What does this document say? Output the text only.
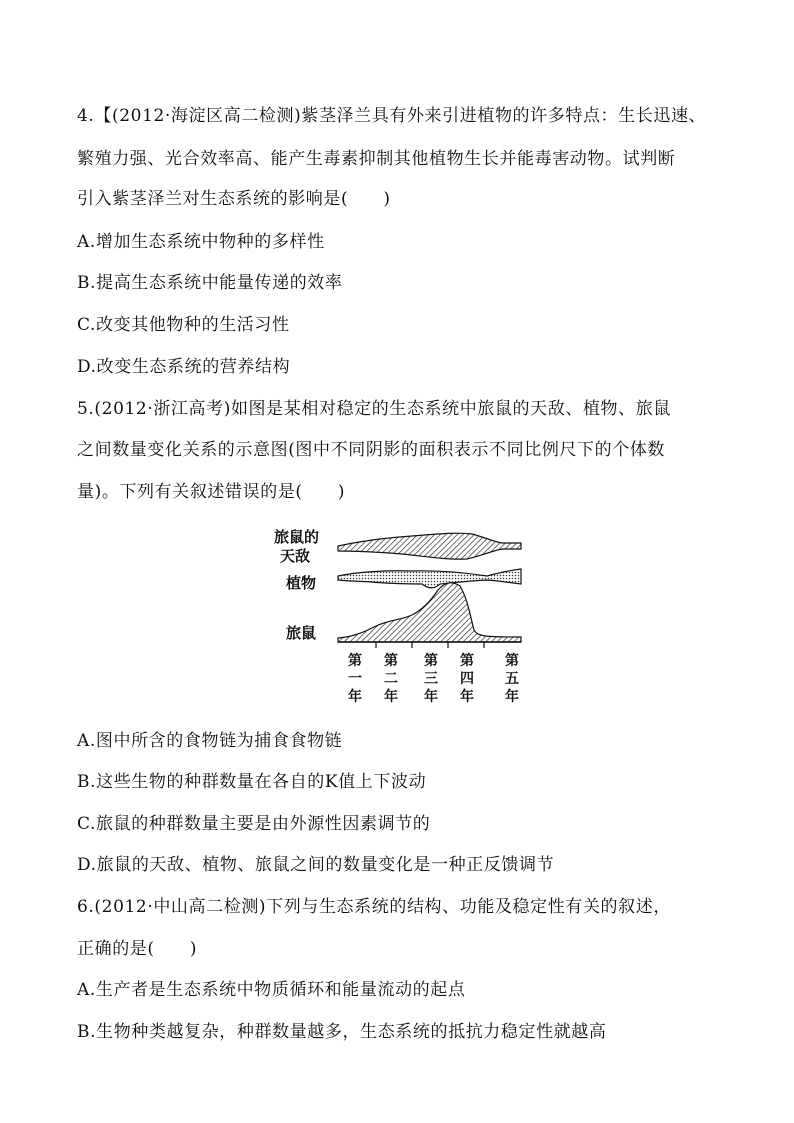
4.【(2012·海淀区高二检测)紫茎泽兰具有外来引进植物的许多特点：生长迅速、
繁殖力强、光合效率高、能产生毒素抑制其他植物生长并能毒害动物。试判断
引入紫茎泽兰对生态系统的影响是(　　)
A.增加生态系统中物种的多样性
B.提高生态系统中能量传递的效率
C.改变其他物种的生活习性
D.改变生态系统的营养结构
5.(2012·浙江高考)如图是某相对稳定的生态系统中旅鼠的天敌、植物、旅鼠
之间数量变化关系的示意图(图中不同阴影的面积表示不同比例尺下的个体数
量)。下列有关叙述错误的是(　　)
旅鼠的
天敌
植物
旅鼠
第
一
年
第
二
年
第
三
年
第
四
年
第
五
年
A.图中所含的食物链为捕食食物链
B.这些生物的种群数量在各自的K值上下波动
C.旅鼠的种群数量主要是由外源性因素调节的
D.旅鼠的天敌、植物、旅鼠之间的数量变化是一种正反馈调节
6.(2012·中山高二检测)下列与生态系统的结构、功能及稳定性有关的叙述，
正确的是(　　)
A.生产者是生态系统中物质循环和能量流动的起点
B.生物种类越复杂，种群数量越多，生态系统的抵抗力稳定性就越高
